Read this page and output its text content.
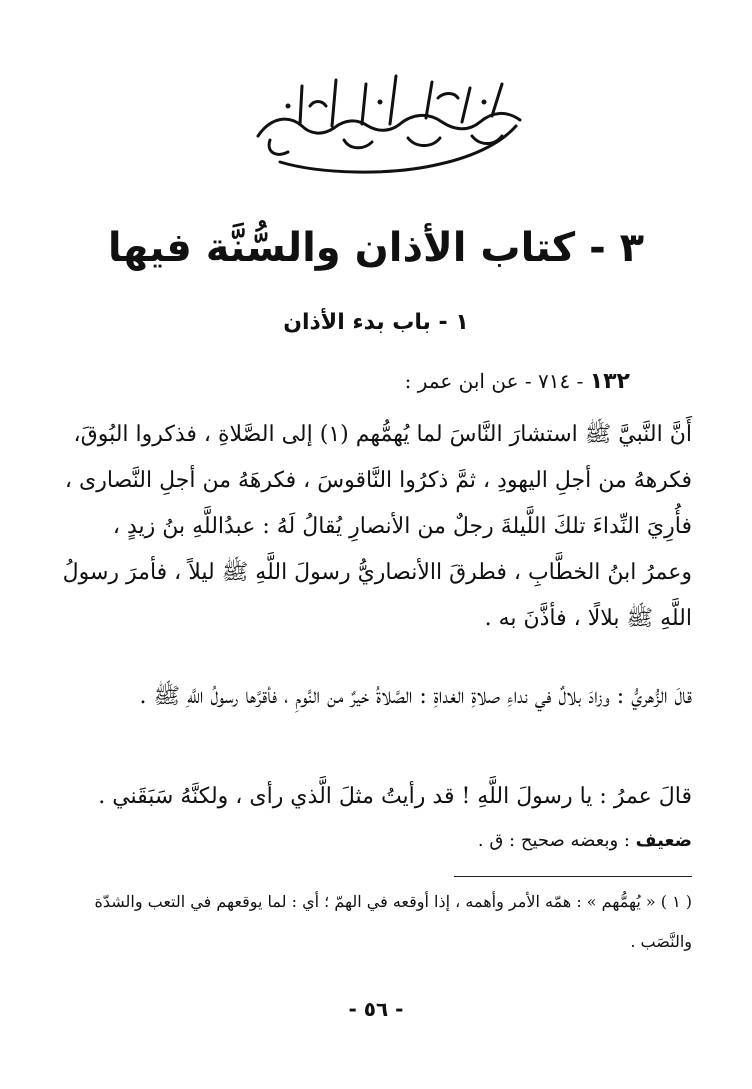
٣ - كتاب الأذان والسُّنَّة فيها
١ - باب بدء الأذان
١٣٢ - ٧١٤ - عن ابن عمر :
أَنَّ النَّبيَّ ﷺ استشارَ النَّاسَ لما يُهمُّهم (١) إلى الصَّلاةِ ، فذكروا البُوقَ، فكرههُ من أجلِ اليهودِ ، ثمَّ ذكرُوا النَّاقوسَ ، فكرهَهُ من أجلِ النَّصارى ، فأُرِيَ النِّداءَ تلكَ اللَّيلةَ رجلٌ من الأنصارِ يُقالُ لَهُ : عبدُاللَّهِ بنُ زيدٍ ، وعمرُ ابنُ الخطَّابِ ، فطرقَ االأنصاريُّ رسولَ اللَّهِ ﷺ ليلاً ، فأمرَ رسولُ اللَّهِ ﷺ بلالًا ، فأذَّنَ به .
قالَ الزُّهريُّ : وزادَ بلالٌ في نداءِ صلاةِ الغداةِ : الصَّلاةُ خيرٌ من النَّومِ ، فأقرَّها رسولُ اللَّهِ ﷺ .
قالَ عمرُ : يا رسولَ اللَّهِ ! قد رأيتُ مثلَ الَّذي رأى ، ولكنَّهُ سَبَقَني .
ضعيف : وبعضه صحيح : ق .
( ١ ) « يُهمُّهم » : همّه الأمر وأهمه ، إذا أوقعه في الهمّ ؛ أي : لما يوقعهم في التعب والشدّة والنَّصَب .
- ٥٦ -
